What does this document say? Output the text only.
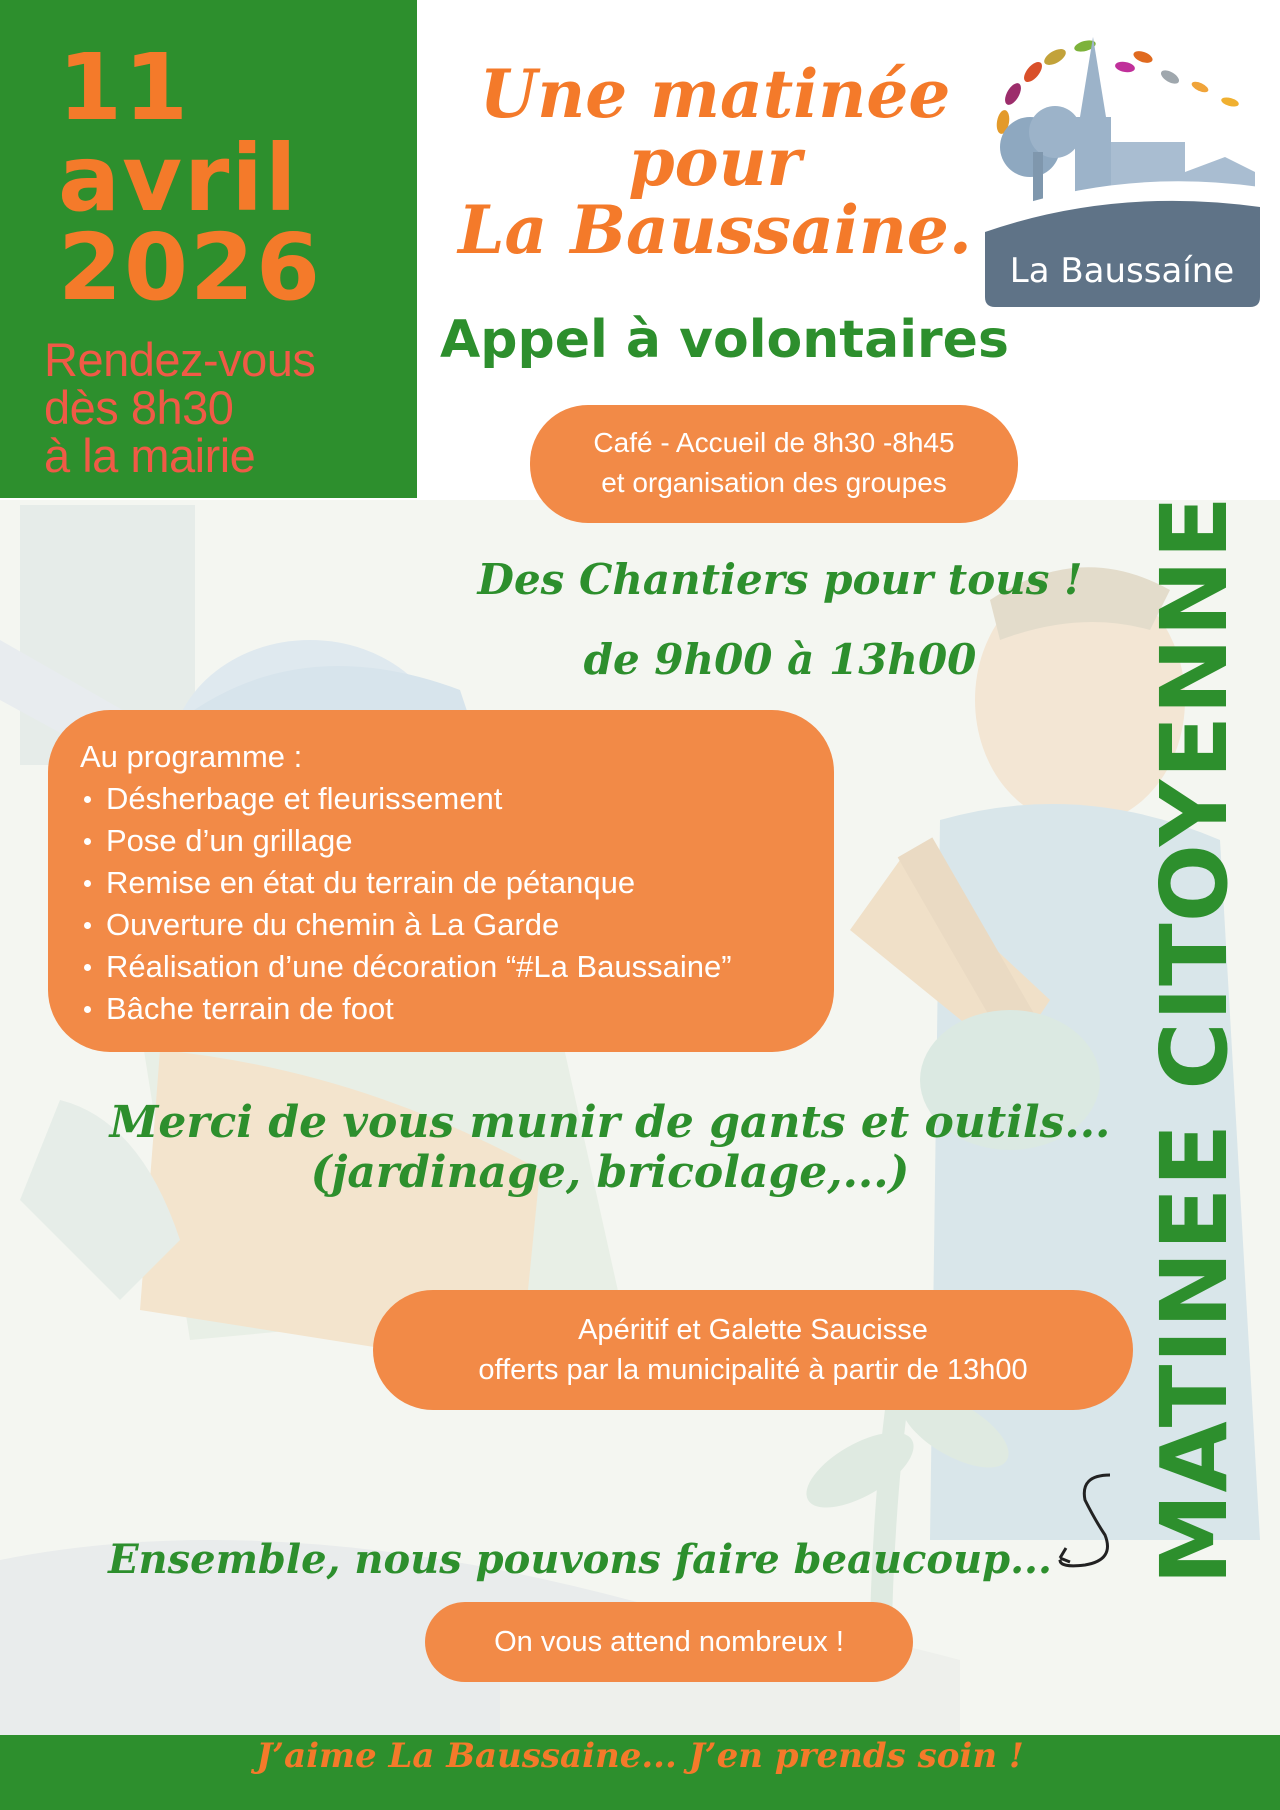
11
avril
2026
Rendez-vous
dès 8h30
à la mairie
Une matinée
pour
La Baussaine.
La Baussaíne
Appel à volontaires
Café - Accueil de 8h30 -8h45
et organisation des groupes
Des Chantiers pour tous !
de 9h00 à 13h00
Au programme :
Désherbage et fleurissement
Pose d’un grillage
Remise en état du terrain de pétanque
Ouverture du chemin à La Garde
Réalisation d’une décoration “#La Baussaine”
Bâche terrain de foot
Merci de vous munir de gants et outils...
(jardinage, bricolage,...)
Apéritif et Galette Saucisse
offerts par la municipalité à partir de 13h00
Ensemble, nous pouvons faire beaucoup...
On vous attend nombreux !
MATINEE CITOYENNE
J’aime La Baussaine... J’en prends soin !
